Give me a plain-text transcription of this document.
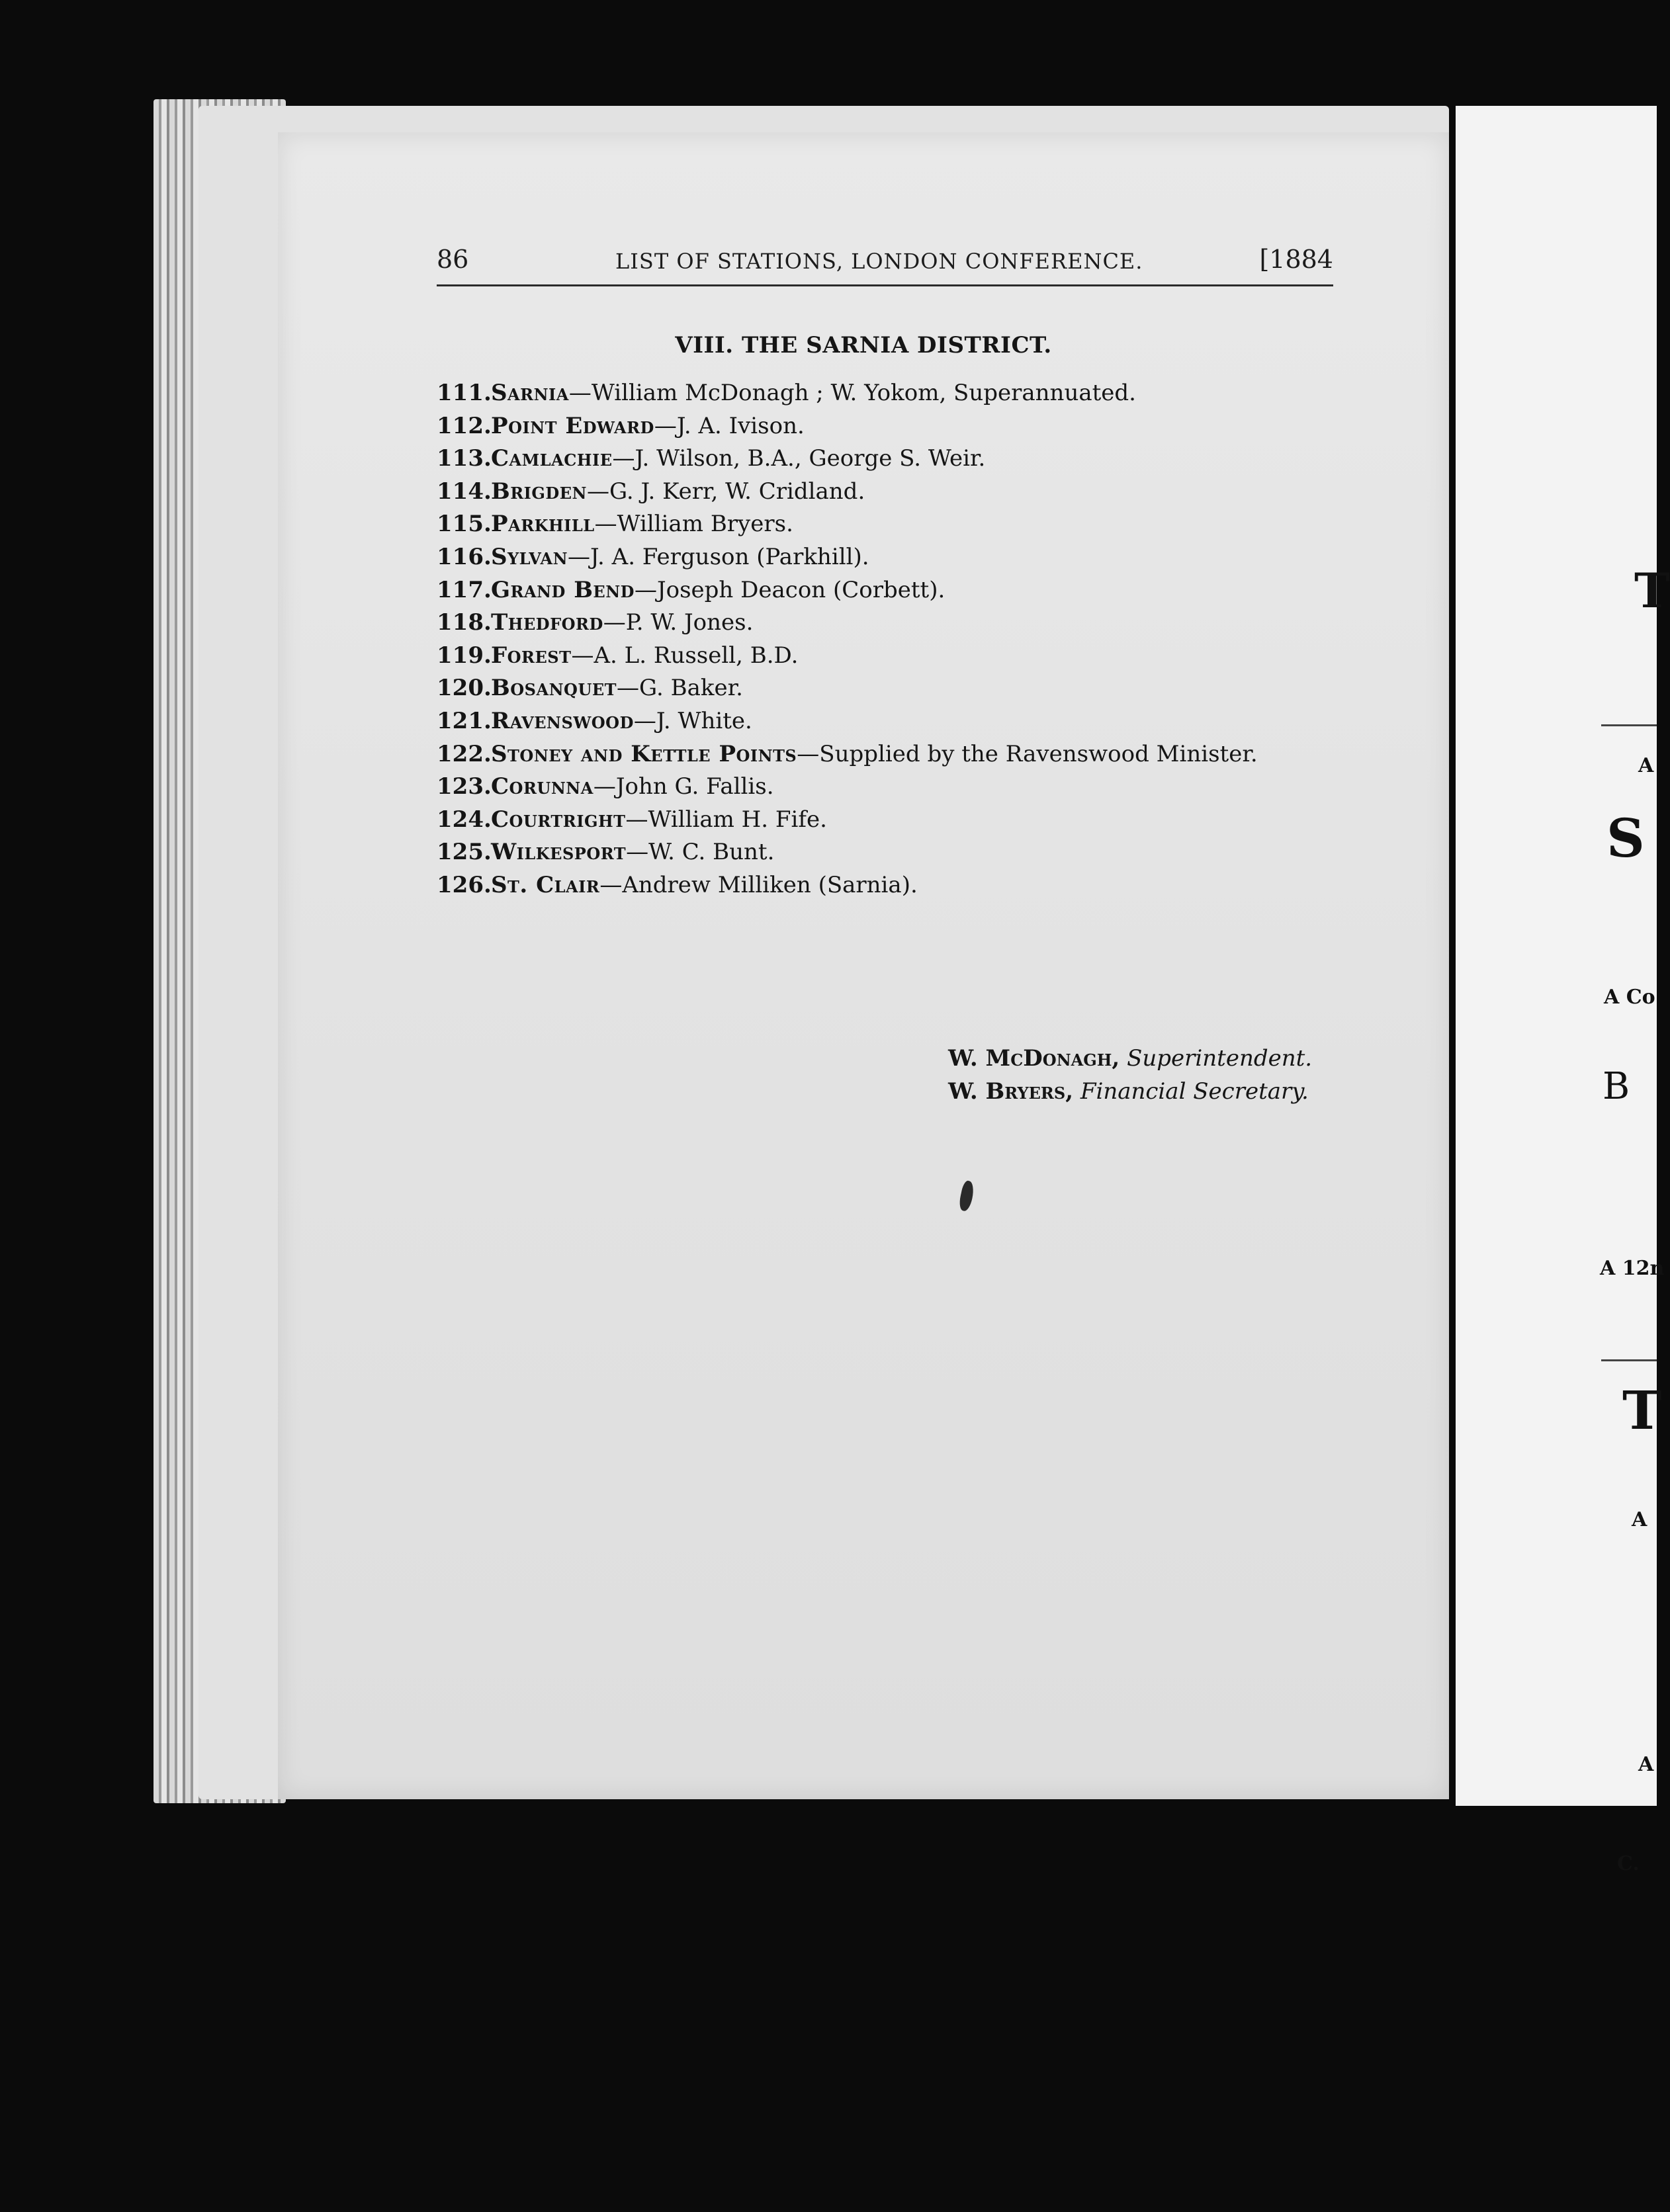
86	LIST OF STATIONS, LONDON CONFERENCE.	[1884
VIII. THE SARNIA DISTRICT.
111.Sarnia—William McDonagh ; W. Yokom, Superannuated.
112.Point Edward—J. A. Ivison.
113.Camlachie—J. Wilson, B.A., George S. Weir.
114.Brigden—G. J. Kerr, W. Cridland.
115.Parkhill—William Bryers.
116.Sylvan—J. A. Ferguson (Parkhill).
117.Grand Bend—Joseph Deacon (Corbett).
118.Thedford—P. W. Jones.
119.Forest—A. L. Russell, B.D.
120.Bosanquet—G. Baker.
121.Ravenswood—J. White.
122.Stoney and Kettle Points—Supplied by the Ravenswood Minister.
123.Corunna—John G. Fallis.
124.Courtright—William H. Fife.
125.Wilkesport—W. C. Bunt.
126.St. Clair—Andrew Milliken (Sarnia).
W. McDonagh, Superintendent.
W. Bryers, Financial Secretary.
T
A
S
A Co
B
A 12n
T
A
A
C.
